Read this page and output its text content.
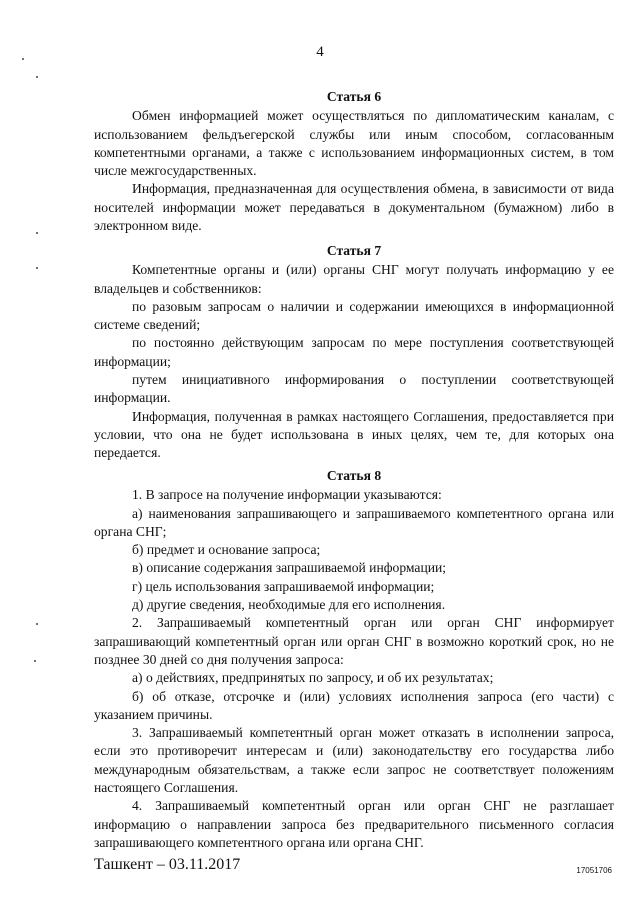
4

Статья 6

Обмен информацией может осуществляться по дипломатическим каналам, с использованием фельдъегерской службы или иным способом, согласованным компетентными органами, а также с использованием информационных систем, в том числе межгосударственных.

Информация, предназначенная для осуществления обмена, в зависимости от вида носителей информации может передаваться в документальном (бумажном) либо в электронном виде.

Статья 7

Компетентные органы и (или) органы СНГ могут получать информацию у ее владельцев и собственников:

по разовым запросам о наличии и содержании имеющихся в информационной системе сведений;

по постоянно действующим запросам по мере поступления соответствующей информации;

путем инициативного информирования о поступлении соответствующей информации.

Информация, полученная в рамках настоящего Соглашения, предоставляется при условии, что она не будет использована в иных целях, чем те, для которых она передается.

Статья 8

1. В запросе на получение информации указываются:

а) наименования запрашивающего и запрашиваемого компетентного органа или органа СНГ;

б) предмет и основание запроса;

в) описание содержания запрашиваемой информации;

г) цель использования запрашиваемой информации;

д) другие сведения, необходимые для его исполнения.

2. Запрашиваемый компетентный орган или орган СНГ информирует запрашивающий компетентный орган или орган СНГ в возможно короткий срок, но не позднее 30 дней со дня получения запроса:

а) о действиях, предпринятых по запросу, и об их результатах;

б) об отказе, отсрочке и (или) условиях исполнения запроса (его части) с указанием причины.

3. Запрашиваемый компетентный орган может отказать в исполнении запроса, если это противоречит интересам и (или) законодательству его государства либо международным обязательствам, а также если запрос не соответствует положениям настоящего Соглашения.

4. Запрашиваемый компетентный орган или орган СНГ не разглашает информацию о направлении запроса без предварительного письменного согласия запрашивающего компетентного органа или органа СНГ.

Ташкент – 03.11.2017	17051706
